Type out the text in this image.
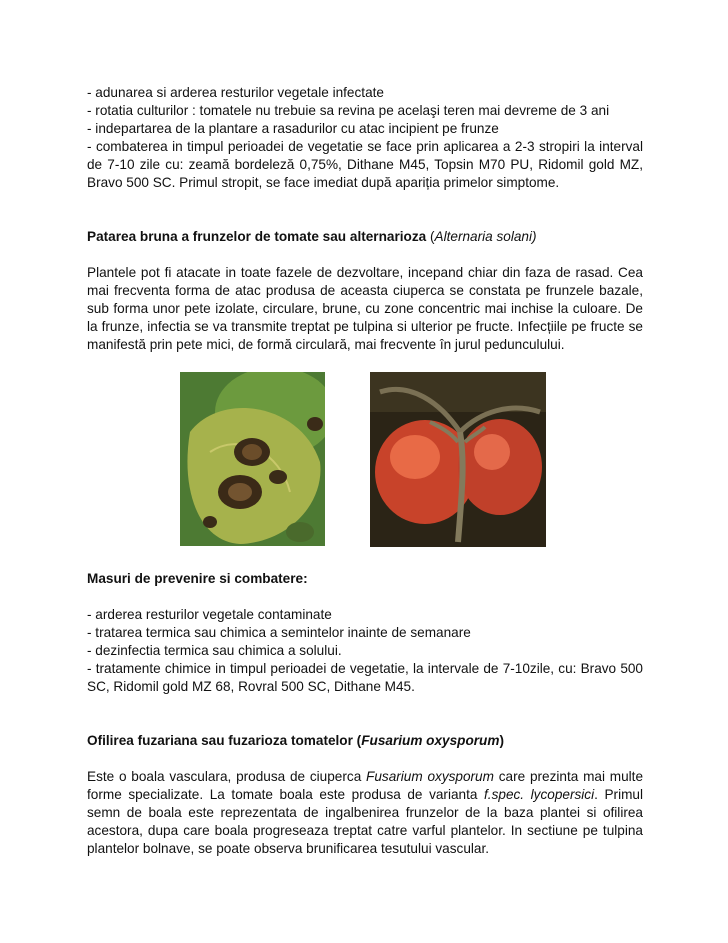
- adunarea si arderea resturilor vegetale infectate
- rotatia culturilor : tomatele nu trebuie sa revina pe acelaşi teren mai devreme de 3 ani
- indepartarea de la plantare a rasadurilor cu atac incipient pe frunze
- combaterea in timpul perioadei de vegetatie se face prin aplicarea a 2-3 stropiri la interval de 7-10 zile cu: zeamă bordeleză 0,75%, Dithane M45, Topsin M70 PU, Ridomil gold MZ, Bravo 500 SC. Primul stropit, se face imediat după apariția primelor simptome.
Patarea bruna a frunzelor de tomate sau alternarioza (Alternaria solani)
Plantele pot fi atacate in toate fazele de dezvoltare, incepand chiar din faza de rasad. Cea mai frecventa forma de atac produsa de aceasta ciuperca se constata pe frunzele bazale, sub forma unor pete izolate, circulare, brune, cu zone concentric mai inchise la culoare. De la frunze, infectia se va transmite treptat pe tulpina si ulterior pe fructe. Infecțiile pe fructe se manifestă prin pete mici, de formă circulară, mai frecvente în jurul pedunculului.
Masuri de prevenire si combatere:
- arderea resturilor vegetale contaminate
- tratarea termica sau chimica a semintelor inainte de semanare
- dezinfectia termica sau chimica a solului.
- tratamente chimice in timpul perioadei de vegetatie, la intervale de 7-10zile, cu: Bravo 500 SC, Ridomil gold MZ 68, Rovral 500 SC, Dithane M45.
Ofilirea fuzariana sau fuzarioza tomatelor (Fusarium oxysporum)
Este o boala vasculara, produsa de ciuperca Fusarium oxysporum care prezinta mai multe forme specializate. La tomate boala este produsa de varianta f.spec. lycopersici. Primul semn de boala este reprezentata de ingalbenirea frunzelor de la baza plantei si ofilirea acestora, dupa care boala progreseaza treptat catre varful plantelor. In sectiune pe tulpina plantelor bolnave, se poate observa brunificarea tesutului vascular.
